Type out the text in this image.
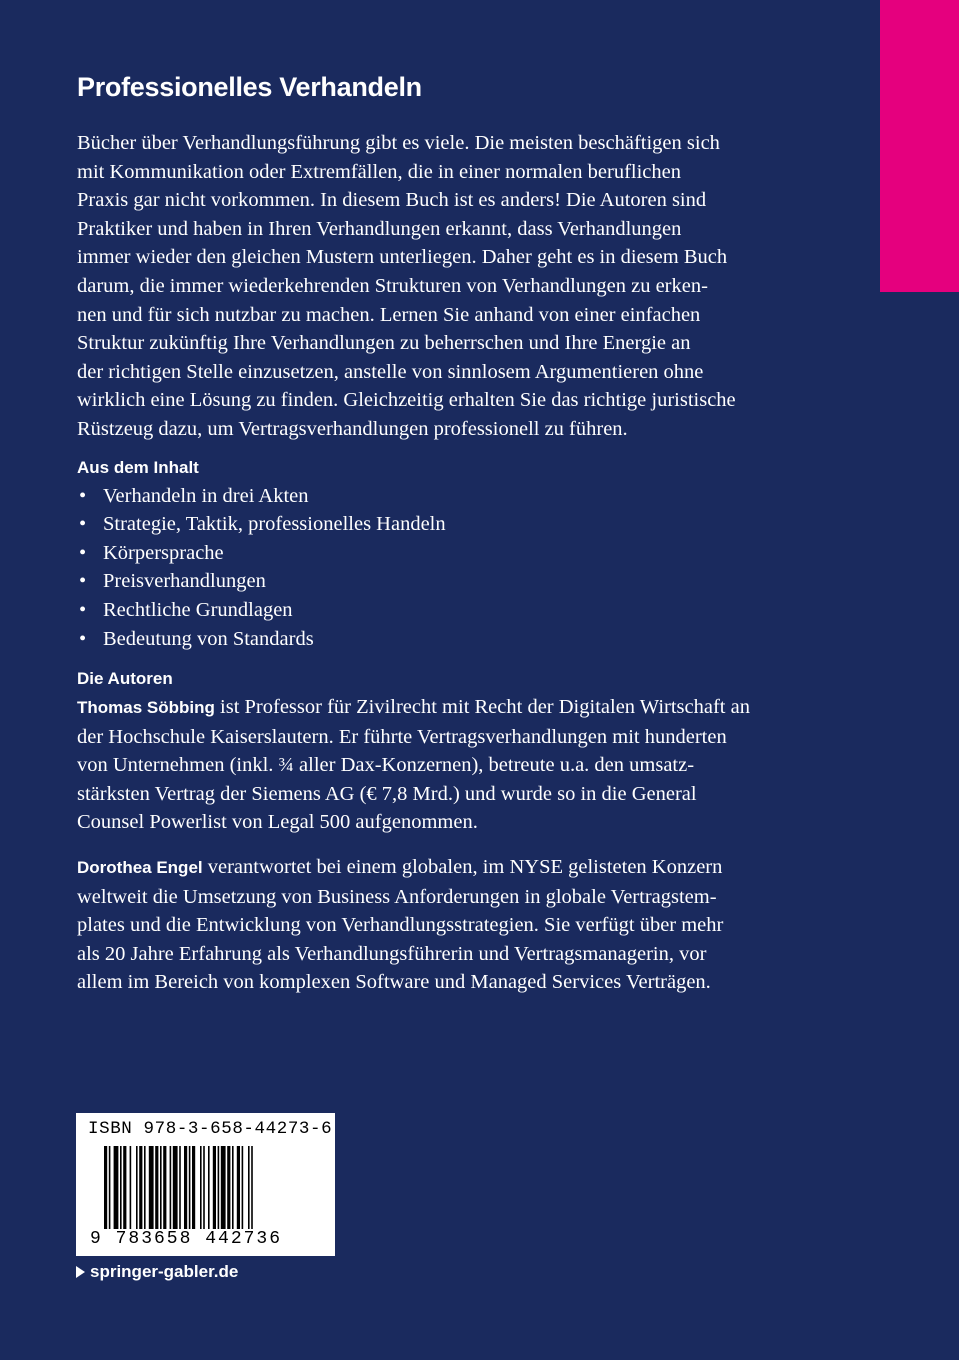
Professionelles Verhandeln
Bücher über Verhandlungsführung gibt es viele. Die meisten beschäftigen sich
mit Kommunikation oder Extremfällen, die in einer normalen beruflichen
Praxis gar nicht vorkommen. In diesem Buch ist es anders! Die Autoren sind
Praktiker und haben in Ihren Verhandlungen erkannt, dass Verhandlungen
immer wieder den gleichen Mustern unterliegen. Daher geht es in diesem Buch
darum, die immer wiederkehrenden Strukturen von Verhandlungen zu erken-
nen und für sich nutzbar zu machen. Lernen Sie anhand von einer einfachen
Struktur zukünftig Ihre Verhandlungen zu beherrschen und Ihre Energie an
der richtigen Stelle einzusetzen, anstelle von sinnlosem Argumentieren ohne
wirklich eine Lösung zu finden. Gleichzeitig erhalten Sie das richtige juristische
Rüstzeug dazu, um Vertragsverhandlungen professionell zu führen.
Aus dem Inhalt
• Verhandeln in drei Akten
• Strategie, Taktik, professionelles Handeln
• Körpersprache
• Preisverhandlungen
• Rechtliche Grundlagen
• Bedeutung von Standards
Die Autoren
Thomas Söbbing ist Professor für Zivilrecht mit Recht der Digitalen Wirtschaft an
der Hochschule Kaiserslautern. Er führte Vertragsverhandlungen mit hunderten
von Unternehmen (inkl. ¾ aller Dax-Konzernen), betreute u.a. den umsatz-
stärksten Vertrag der Siemens AG (€ 7,8 Mrd.) und wurde so in die General
Counsel Powerlist von Legal 500 aufgenommen.
Dorothea Engel verantwortet bei einem globalen, im NYSE gelisteten Konzern
weltweit die Umsetzung von Business Anforderungen in globale Vertragstem-
plates und die Entwicklung von Verhandlungsstrategien. Sie verfügt über mehr
als 20 Jahre Erfahrung als Verhandlungsführerin und Vertragsmanagerin, vor
allem im Bereich von komplexen Software und Managed Services Verträgen.
ISBN 978-3-658-44273-6
9 783658 442736
springer-gabler.de
